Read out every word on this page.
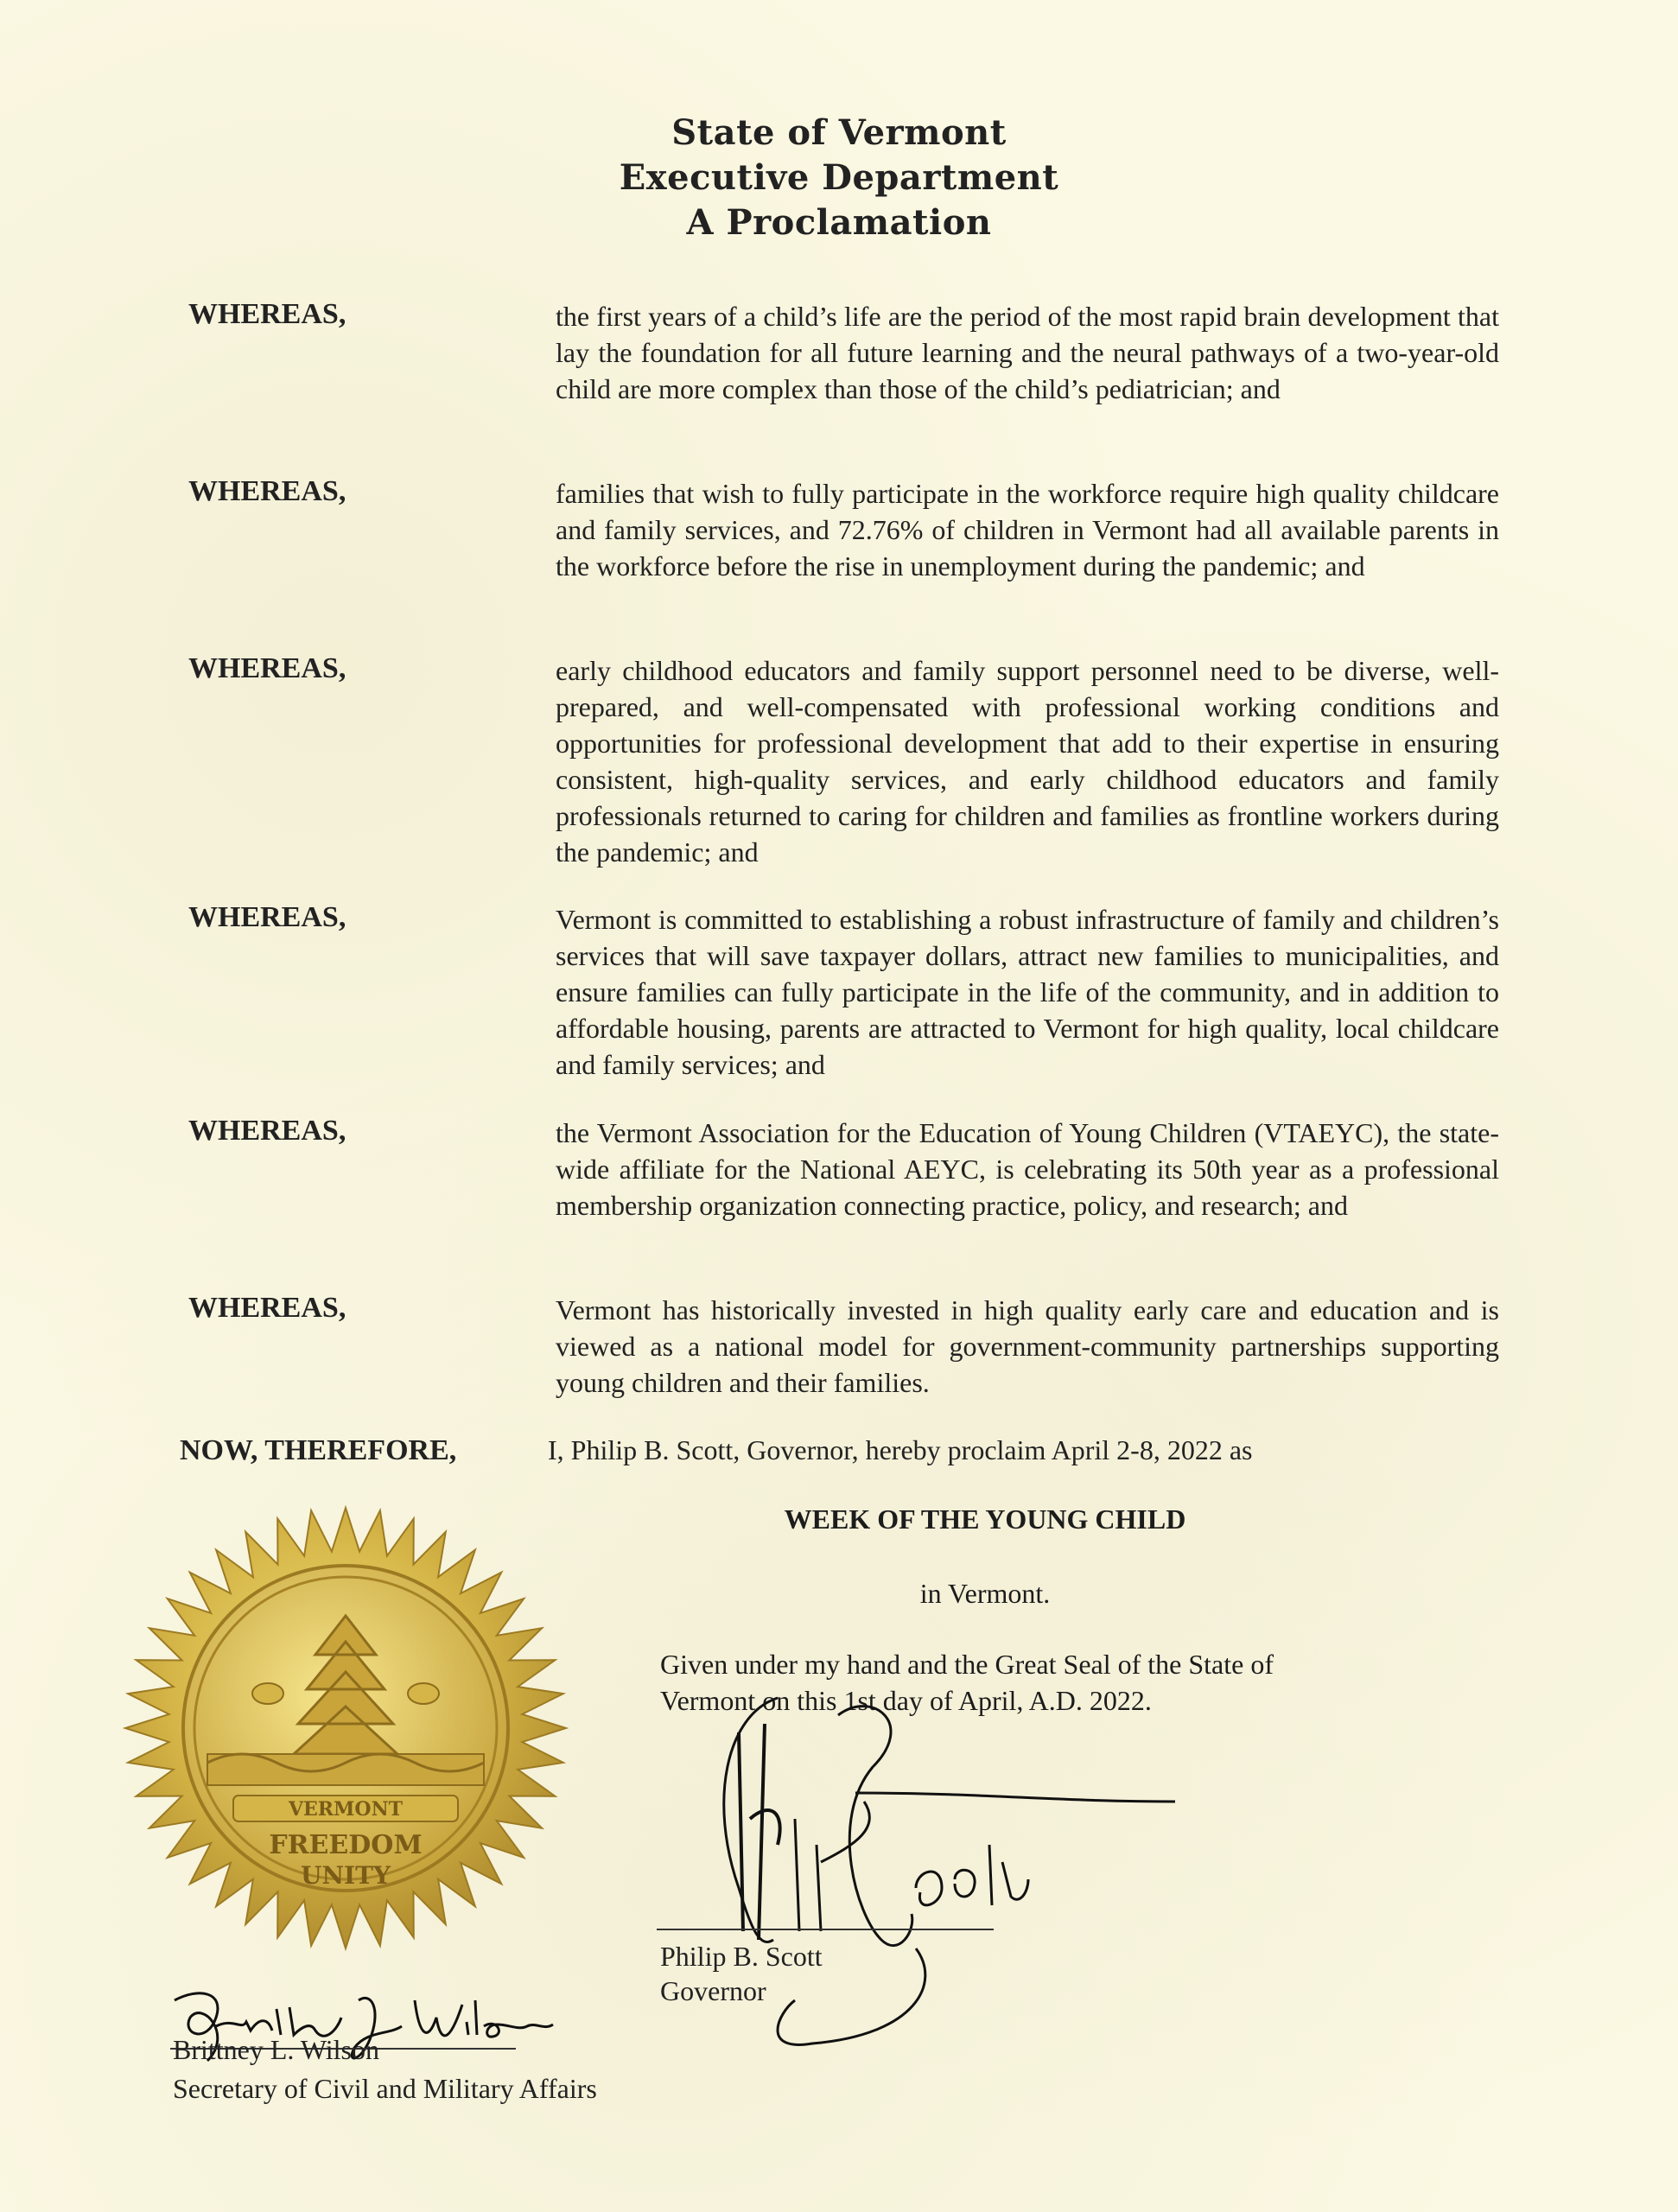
State of Vermont
Executive Department
A Proclamation
WHEREAS,	the first years of a child’s life are the period of the most rapid brain development that lay the foundation for all future learning and the neural pathways of a two-year-old child are more complex than those of the child’s pediatrician; and
WHEREAS,	families that wish to fully participate in the workforce require high quality childcare and family services, and 72.76% of children in Vermont had all available parents in the workforce before the rise in unemployment during the pandemic; and
WHEREAS,	early childhood educators and family support personnel need to be diverse, well-prepared, and well-compensated with professional working conditions and opportunities for professional development that add to their expertise in ensuring consistent, high-quality services, and early childhood educators and family professionals returned to caring for children and families as frontline workers during the pandemic; and
WHEREAS,	Vermont is committed to establishing a robust infrastructure of family and children’s services that will save taxpayer dollars, attract new families to municipalities, and ensure families can fully participate in the life of the community, and in addition to affordable housing, parents are attracted to Vermont for high quality, local childcare and family services; and
WHEREAS,	the Vermont Association for the Education of Young Children (VTAEYC), the state-wide affiliate for the National AEYC, is celebrating its 50th year as a professional membership organization connecting practice, policy, and research; and
WHEREAS,	Vermont has historically invested in high quality early care and education and is viewed as a national model for government-community partnerships supporting young children and their families.
NOW, THEREFORE,	I, Philip B. Scott, Governor, hereby proclaim April 2-8, 2022 as
WEEK OF THE YOUNG CHILD
in Vermont.
Given under my hand and the Great Seal of the State of
Vermont on this 1st day of April, A.D. 2022.
VERMONT
FREEDOM
UNITY
Philip B. Scott
Governor
Brittney L. Wilson
Secretary of Civil and Military Affairs
